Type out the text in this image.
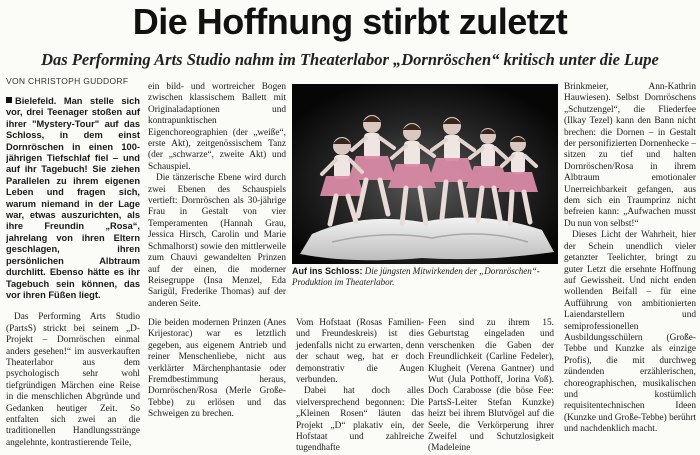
Die Hoffnung stirbt zuletzt
Das Performing Arts Studio nahm im Theaterlabor „Dornröschen“ kritisch unter die Lupe
VON CHRISTOPH GUDDORF

Bielefeld. Man stelle sich vor, drei Teenager stoßen auf ihrer "Mystery-Tour" auf das Schloss, in dem einst Dornröschen in einen 100-jährigen Tiefschlaf fiel – und auf ihr Tagebuch! Sie ziehen Parallelen zu ihrem eigenen Leben und fragen sich, warum niemand in der Lage war, etwas auszurichten, als ihre Freundin „Rosa“, jahrelang von ihren Eltern geschlagen, ihren persönlichen Albtraum durchlitt. Ebenso hätte es ihr Tagebuch sein können, das vor ihren Füßen liegt.

Das Performing Arts Studio (PartsS) strickt bei seinem „D-Projekt – Dornröschen einmal anders gesehen!“ im ausverkauften Theaterlabor aus dem psychologisch sehr wohl tiefgründigen Märchen eine Reise in die menschlichen Abgründe und Gedanken heutiger Zeit. So entfalten sich zwei an die traditionellen Handlungsstränge angelehnte, kontrastierende Teile,

ein bild- und wortreicher Bogen zwischen klassischem Ballett mit Originaladaptionen und kontrapunktischen Eigenchoreographien (der „weiße“, erste Akt), zeitgenössischem Tanz (der „schwarze“, zweite Akt) und Schauspiel.

Die tänzerische Ebene wird durch zwei Ebenen des Schauspiels vertieft: Dornröschen als 30-jährige Frau in Gestalt von vier Temperamenten (Hannah Grau, Jessica Hirsch, Carolin und Marie Schmalhorst) sowie den mittlerweile zum Chauvi gewandelten Prinzen auf der einen, die moderner Reisegruppe (Insa Menzel, Eda Sarigül, Frederike Thomas) auf der anderen Seite.

Die beiden modernen Prinzen (Anes Krijestorac) war es letztlich gegeben, aus eigenem Antrieb und reiner Menschenliebe, nicht aus verklärter Märchenphantasie oder Fremdbestimmung heraus, Dornröschen/Rosa (Merle Große-Tebbe) zu erlösen und das Schweigen zu brechen.

Vom Hofstaat (Rosas Familien- und Freundeskreis) ist dies jedenfalls nicht zu erwarten, denn der schaut weg, hat er doch demonstrativ die Augen verbunden.

Dabei hat doch alles vielversprechend begonnen: Die „Kleinen Rosen“ läuten das Projekt „D“ plakativ ein, der Hofstaat und zahlreiche tugendhafte

Feen sind zu ihrem 15. Geburtstag eingeladen und verschenken die Gaben der Freundlichkeit (Carline Fedeler), Klugheit (Verena Gantner) und Wut (Jula Potthoff, Jorina Voß). Doch Carabosse (die böse Fee: PartsS-Leiter Stefan Kunzke) heizt bei ihrem Blutvögel auf die Seele, die Verkörperung ihrer Zweifel und Schutzlosigkeit (Madeleine

Brinkmeier, Ann-Kathrin Hauwiesen). Selbst Dornröschens „Schutzengel“, die Fliederfee (Ilkay Tezel) kann den Bann nicht brechen: die Dornen – in Gestalt der personifizierten Dornenhecke – sitzen zu tief und halten Dornröschen/Rosa in ihrem Albtraum emotionaler Unerreichbarkeit gefangen, aus dem sich ein Traumprinz nicht befreien kann: „Aufwachen musst Du nun von selbst!“

Dieses Licht der Wahrheit, hier der Schein unendlich vieler getanzter Teelichter, bringt zu guter Letzt die ersehnte Hoffnung auf Gewissheit. Und nicht enden wollenden Beifall – für eine Aufführung von ambitionierten Laiendarstellern und semiprofessionellen Ausbildungsschülern (Große-Tebbe und Kunzke als einzige Profis), die mit durchweg zündenden erzählerischen, choreographischen, musikalischen und kostümlich requisitentechnischen Ideen (Kunzke und Große-Tebbe) berührt und nachdenklich macht.

Auf ins Schloss: Die jüngsten Mitwirkenden der „Dornröschen“-Produktion im Theaterlabor.
